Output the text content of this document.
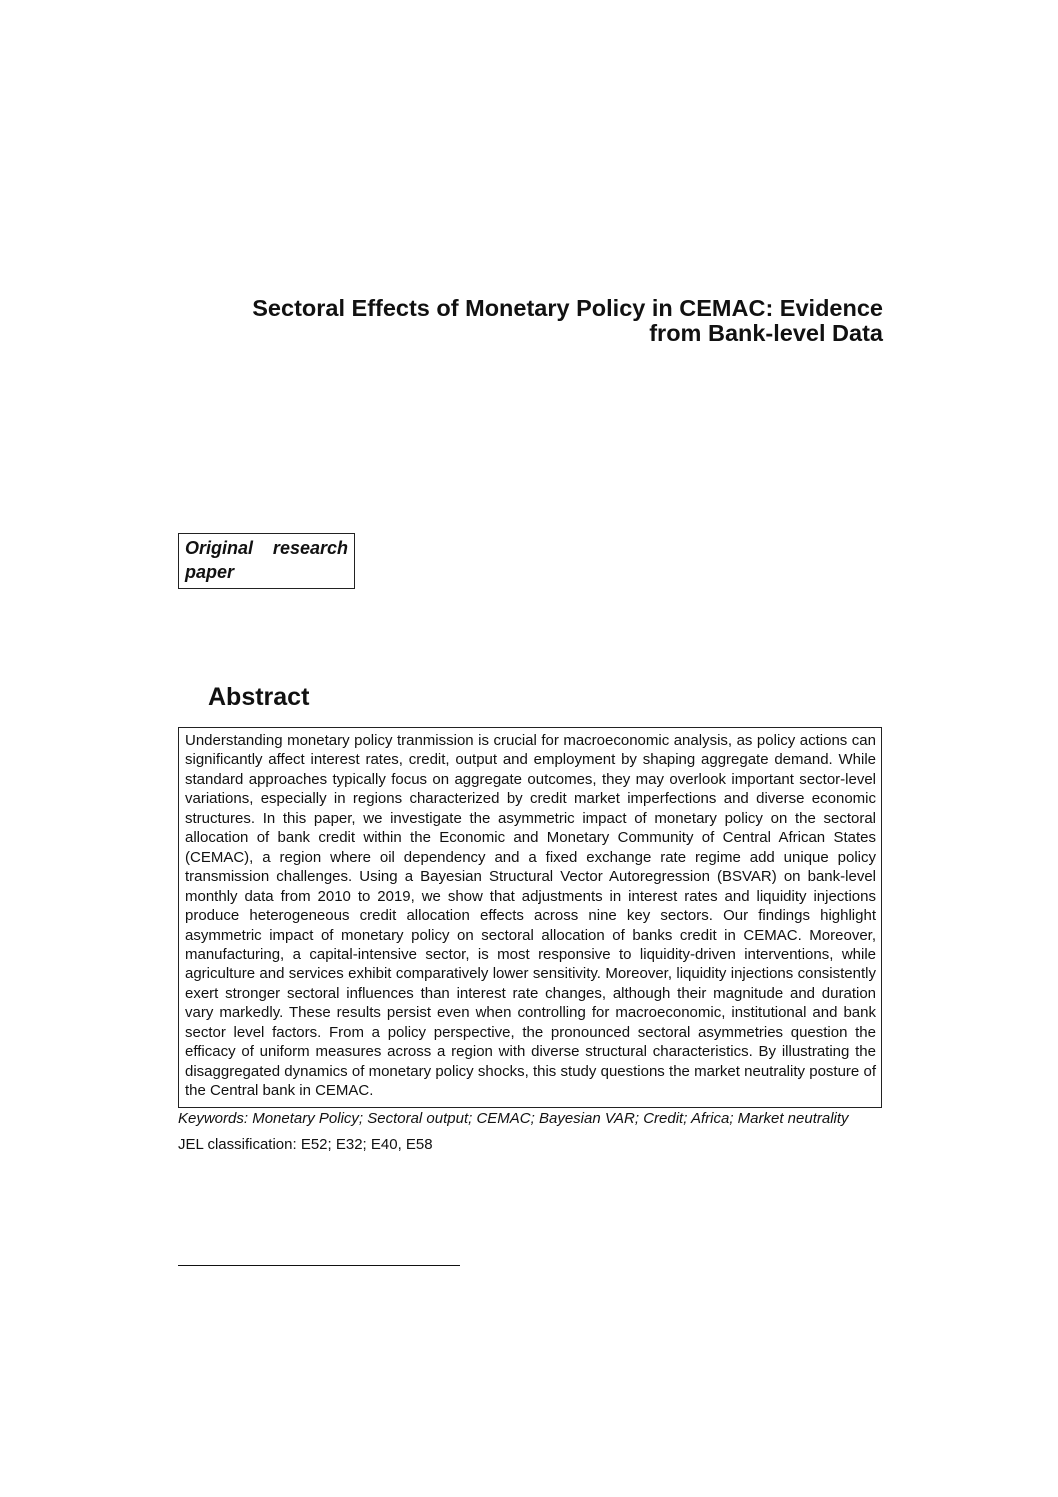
Sectoral Effects of Monetary Policy in CEMAC: Evidence
from Bank-level Data
Original research paper
Abstract

Understanding monetary policy tranmission is crucial for macroeconomic analysis, as policy actions can significantly affect interest rates, credit, output and employment by shaping aggregate demand. While standard approaches typically focus on aggregate outcomes, they may overlook important sector-level variations, especially in regions characterized by credit market imperfections and diverse economic structures. In this paper, we investigate the asymmetric impact of monetary policy on the sectoral allocation of bank credit within the Economic and Monetary Community of Central African States (CEMAC), a region where oil dependency and a fixed exchange rate regime add unique policy transmission challenges. Using a Bayesian Structural Vector Autoregression (BSVAR) on bank-level monthly data from 2010 to 2019, we show that adjustments in interest rates and liquidity injections produce heterogeneous credit allocation effects across nine key sectors. Our findings highlight asymmetric impact of monetary policy on sectoral allocation of banks credit in CEMAC. Moreover, manufacturing, a capital-intensive sector, is most responsive to liquidity-driven interventions, while agriculture and services exhibit comparatively lower sensitivity. Moreover, liquidity injections consistently exert stronger sectoral influences than interest rate changes, although their magnitude and duration vary markedly. These results persist even when controlling for macroeconomic, institutional and bank sector level factors. From a policy perspective, the pronounced sectoral asymmetries question the efficacy of uniform measures across a region with diverse structural characteristics. By illustrating the disaggregated dynamics of monetary policy shocks, this study questions the market neutrality posture of the Central bank in CEMAC.

Keywords: Monetary Policy; Sectoral output; CEMAC; Bayesian VAR; Credit; Africa; Market neutrality

JEL classification: E52; E32; E40, E58
